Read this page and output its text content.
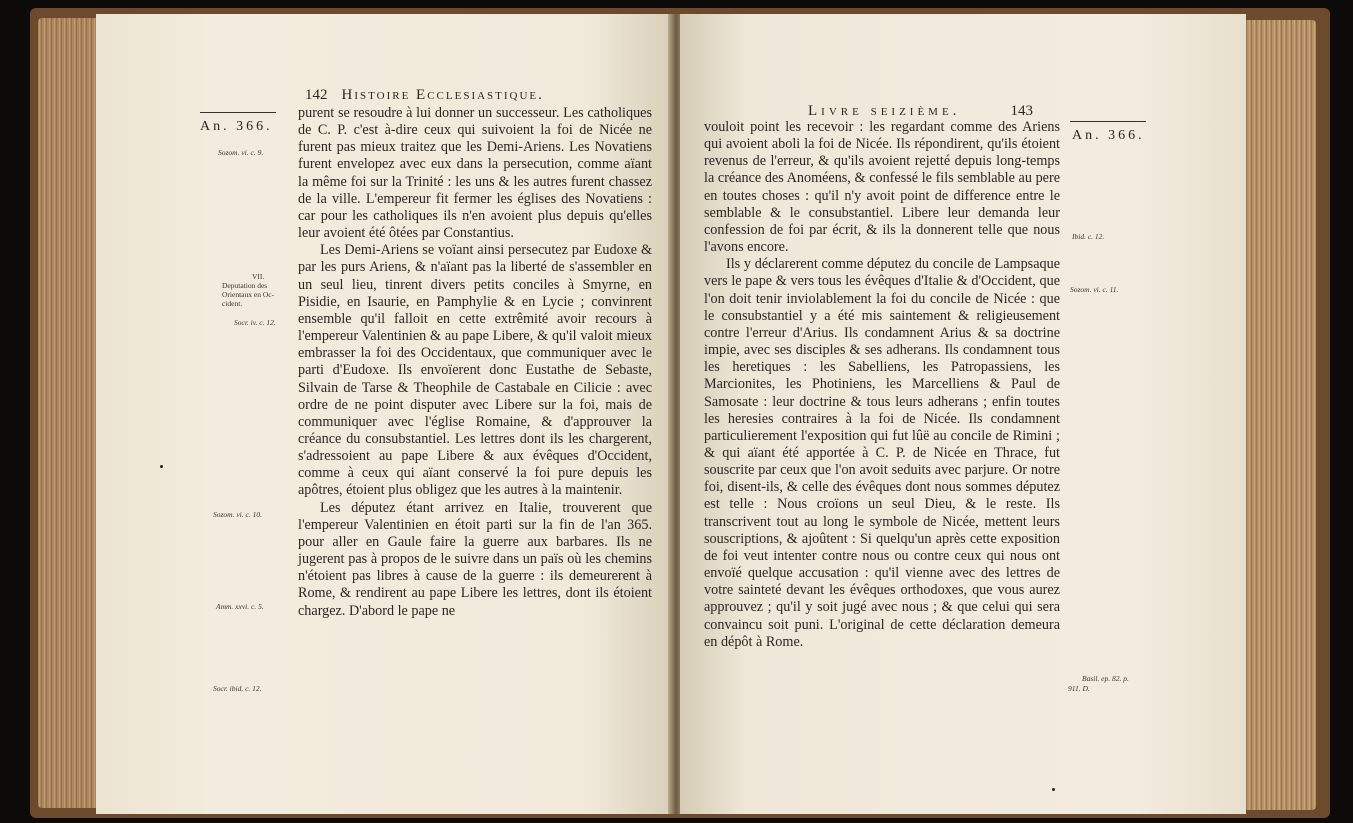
142 Histoire Ecclesiastique.
An. 366.
Sozom. vi. c. 9.
VII.
Deputation des
Orientaux en Oc-
cident.
Socr. iv. c. 12.
Sozom. vi. c. 10.
Amm. xxvi. c. 5.
Socr. ibid. c. 12.

purent se resoudre à lui donner un successeur. Les catholiques de C. P. c'est à-dire ceux qui suivoient la foi de Nicée ne furent pas mieux traitez que les Demi-Ariens. Les Novatiens furent envelopez avec eux dans la persecution, comme aïant la même foi sur la Trinité : les uns & les autres furent chassez de la ville. L'empereur fit fermer les églises des Novatiens : car pour les catholiques ils n'en avoient plus depuis qu'elles leur avoient été ôtées par Constantius.

Les Demi-Ariens se voïant ainsi persecutez par Eudoxe & par les purs Ariens, & n'aïant pas la liberté de s'assembler en un seul lieu, tinrent divers petits conciles à Smyrne, en Pisidie, en Isaurie, en Pamphylie & en Lycie ; convinrent ensemble qu'il falloit en cette extrêmité avoir recours à l'empereur Valentinien & au pape Libere, & qu'il valoit mieux embrasser la foi des Occidentaux, que communiquer avec le parti d'Eudoxe. Ils envoïerent donc Eustathe de Sebaste, Silvain de Tarse & Theophile de Castabale en Cilicie : avec ordre de ne point disputer avec Libere sur la foi, mais de communiquer avec l'église Romaine, & d'approuver la créance du consubstantiel. Les lettres dont ils les chargerent, s'adressoient au pape Libere & aux évêques d'Occident, comme à ceux qui aïant conservé la foi pure depuis les apôtres, étoient plus obligez que les autres à la maintenir.

Les députez étant arrivez en Italie, trouverent que l'empereur Valentinien en étoit parti sur la fin de l'an 365. pour aller en Gaule faire la guerre aux barbares. Ils ne jugerent pas à propos de le suivre dans un païs où les chemins n'étoient pas libres à cause de la guerre : ils demeurerent à Rome, & rendirent au pape Libere les lettres, dont ils étoient chargez. D'abord le pape ne

Livre seizième.	143
An. 366.
Ibid. c. 12.
Sozom. vi. c. 11.
Basil. ep. 82. p.
911. D.

vouloit point les recevoir : les regardant comme des Ariens qui avoient aboli la foi de Nicée. Ils répondirent, qu'ils étoient revenus de l'erreur, & qu'ils avoient rejetté depuis long-temps la créance des Anoméens, & confessé le fils semblable au pere en toutes choses : qu'il n'y avoit point de difference entre le semblable & le consubstantiel. Libere leur demanda leur confession de foi par écrit, & ils la donnerent telle que nous l'avons encore.

Ils y déclarerent comme députez du concile de Lampsaque vers le pape & vers tous les évêques d'Italie & d'Occident, que l'on doit tenir inviolablement la foi du concile de Nicée : que le consubstantiel y a été mis saintement & religieusement contre l'erreur d'Arius. Ils condamnent Arius & sa doctrine impie, avec ses disciples & ses adherans. Ils condamnent tous les heretiques : les Sabelliens, les Patropassiens, les Marcionites, les Photiniens, les Marcelliens & Paul de Samosate : leur doctrine & tous leurs adherans ; enfin toutes les heresies contraires à la foi de Nicée. Ils condamnent particulierement l'exposition qui fut lûë au concile de Rimini ; & qui aïant été apportée à C. P. de Nicée en Thrace, fut souscrite par ceux que l'on avoit seduits avec parjure. Or notre foi, disent-ils, & celle des évêques dont nous sommes députez est telle : Nous croïons un seul Dieu, & le reste. Ils transcrivent tout au long le symbole de Nicée, mettent leurs souscriptions, & ajoûtent : Si quelqu'un après cette exposition de foi veut intenter contre nous ou contre ceux qui nous ont envoïé quelque accusation : qu'il vienne avec des lettres de votre sainteté devant les évêques orthodoxes, que vous aurez approuvez ; qu'il y soit jugé avec nous ; & que celui qui sera convaincu soit puni. L'original de cette déclaration demeura en dépôt à Rome.
